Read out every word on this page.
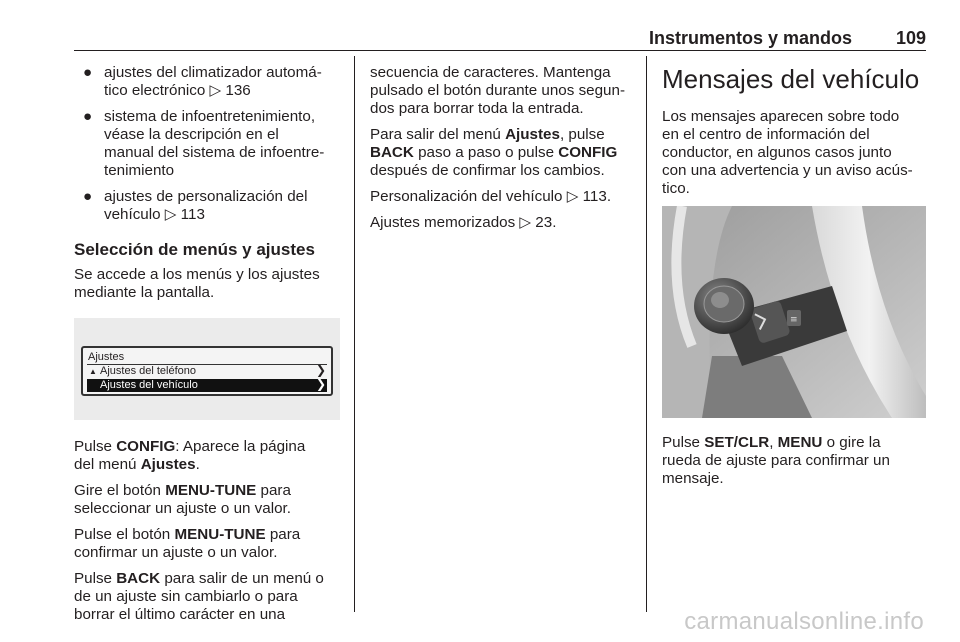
Instrumentos y mandos 109
● ajustes del climatizador automá-
tico electrónico ▷ 136
● sistema de infoentretenimiento,
véase la descripción en el
manual del sistema de infoentre-
tenimiento
● ajustes de personalización del
vehículo ▷ 113
Selección de menús y ajustes

Se accede a los menús y los ajustes
mediante la pantalla.

Ajustes
▲ Ajustes del teléfono	❯
Ajustes del vehículo	❯

Pulse CONFIG: Aparece la página
del menú Ajustes.

Gire el botón MENU-TUNE para
seleccionar un ajuste o un valor.

Pulse el botón MENU-TUNE para
confirmar un ajuste o un valor.

Pulse BACK para salir de un menú o
de un ajuste sin cambiarlo o para
borrar el último carácter en una

secuencia de caracteres. Mantenga
pulsado el botón durante unos segun-
dos para borrar toda la entrada.

Para salir del menú Ajustes, pulse
BACK paso a paso o pulse CONFIG
después de confirmar los cambios.

Personalización del vehículo ▷ 113.

Ajustes memorizados ▷ 23.

Mensajes del vehículo

Los mensajes aparecen sobre todo
en el centro de información del
conductor, en algunos casos junto
con una advertencia y un aviso acús-
tico.

≡

Pulse SET/CLR, MENU o gire la
rueda de ajuste para confirmar un
mensaje.

carmanualsonline.info
